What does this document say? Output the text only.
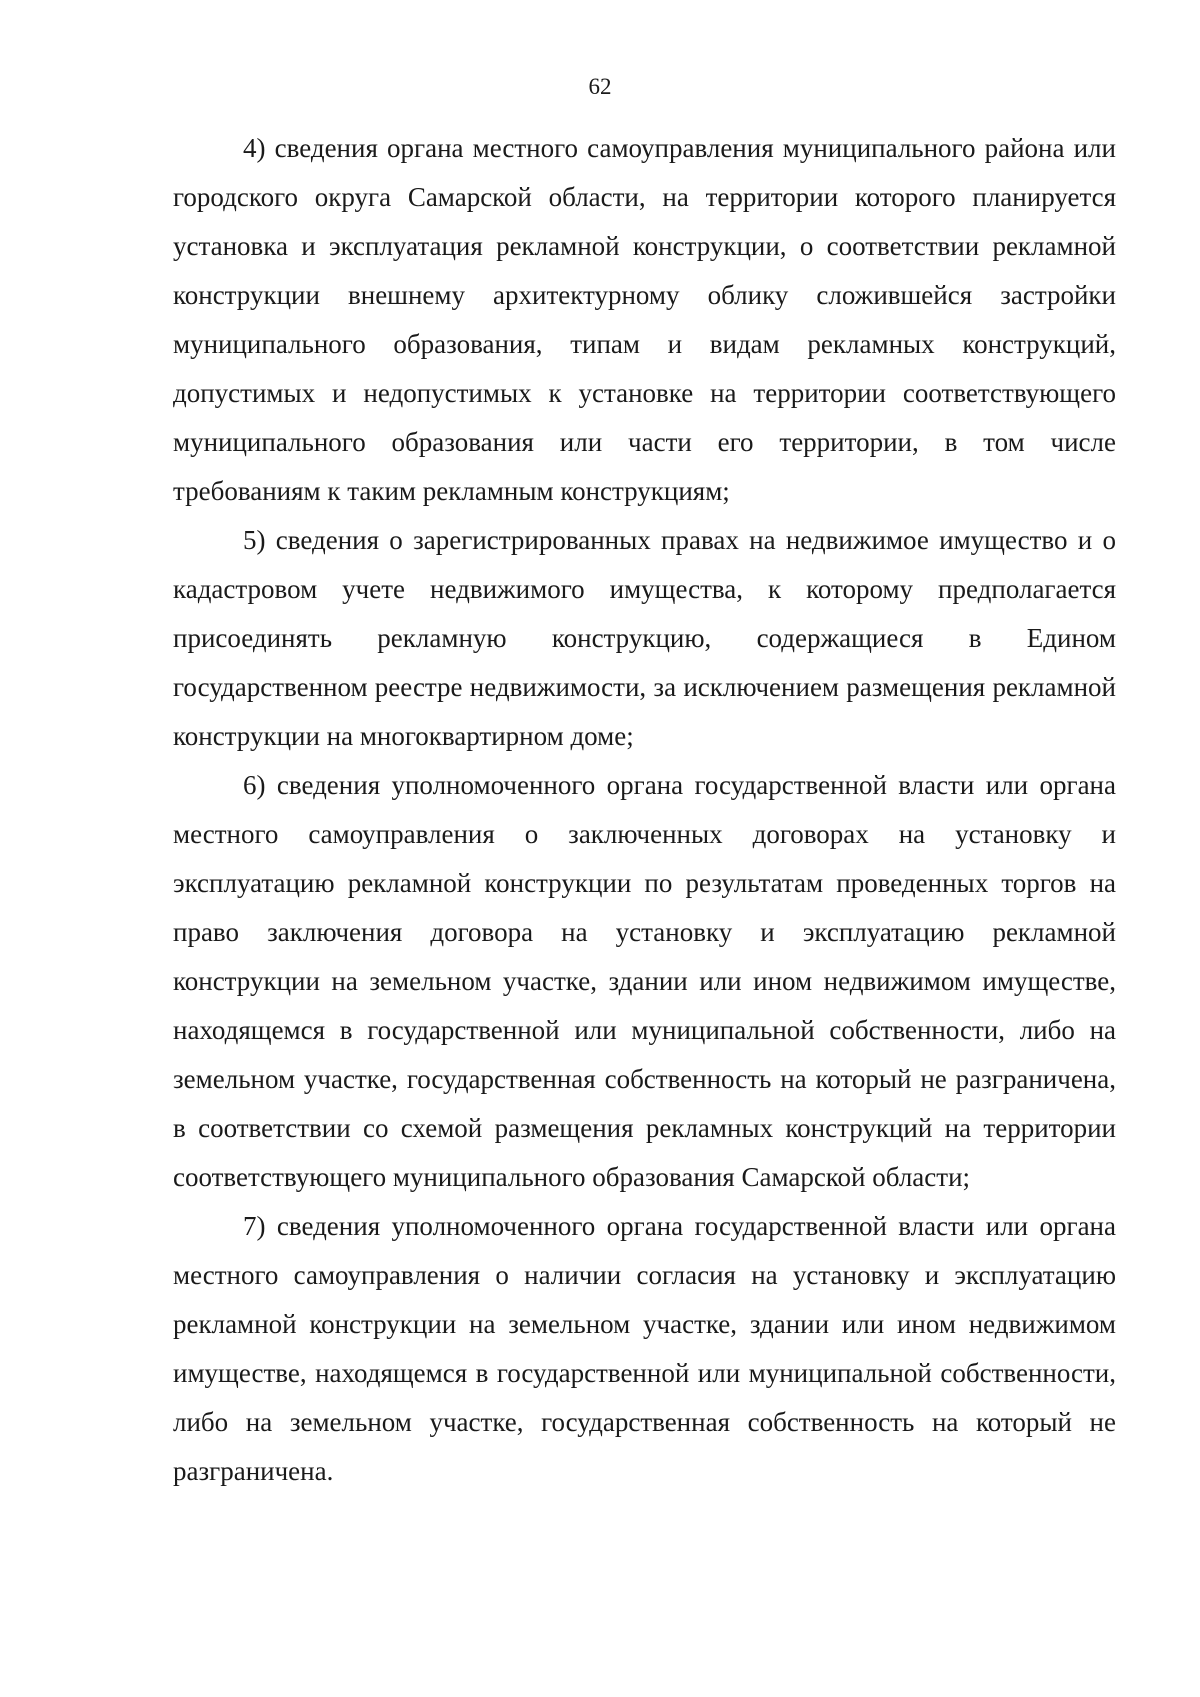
62

4) сведения органа местного самоуправления муниципального района или городского округа Самарской области, на территории которого планируется установка и эксплуатация рекламной конструкции, о соответствии рекламной конструкции внешнему архитектурному облику сложившейся застройки муниципального образования, типам и видам рекламных конструкций, допустимых и недопустимых к установке на территории соответствующего муниципального образования или части его территории, в том числе требованиям к таким рекламным конструкциям;

5) сведения о зарегистрированных правах на недвижимое имущество и о кадастровом учете недвижимого имущества, к которому предполагается присоединять рекламную конструкцию, содержащиеся в Едином государственном реестре недвижимости, за исключением размещения рекламной конструкции на многоквартирном доме;

6) сведения уполномоченного органа государственной власти или органа местного самоуправления о заключенных договорах на установку и эксплуатацию рекламной конструкции по результатам проведенных торгов на право заключения договора на установку и эксплуатацию рекламной конструкции на земельном участке, здании или ином недвижимом имуществе, находящемся в государственной или муниципальной собственности, либо на земельном участке, государственная собственность на который не разграничена, в соответствии со схемой размещения рекламных конструкций на территории соответствующего муниципального образования Самарской области;

7) сведения уполномоченного органа государственной власти или органа местного самоуправления о наличии согласия на установку и эксплуатацию рекламной конструкции на земельном участке, здании или ином недвижимом имуществе, находящемся в государственной или муниципальной собственности, либо на земельном участке, государственная собственность на который не разграничена.
